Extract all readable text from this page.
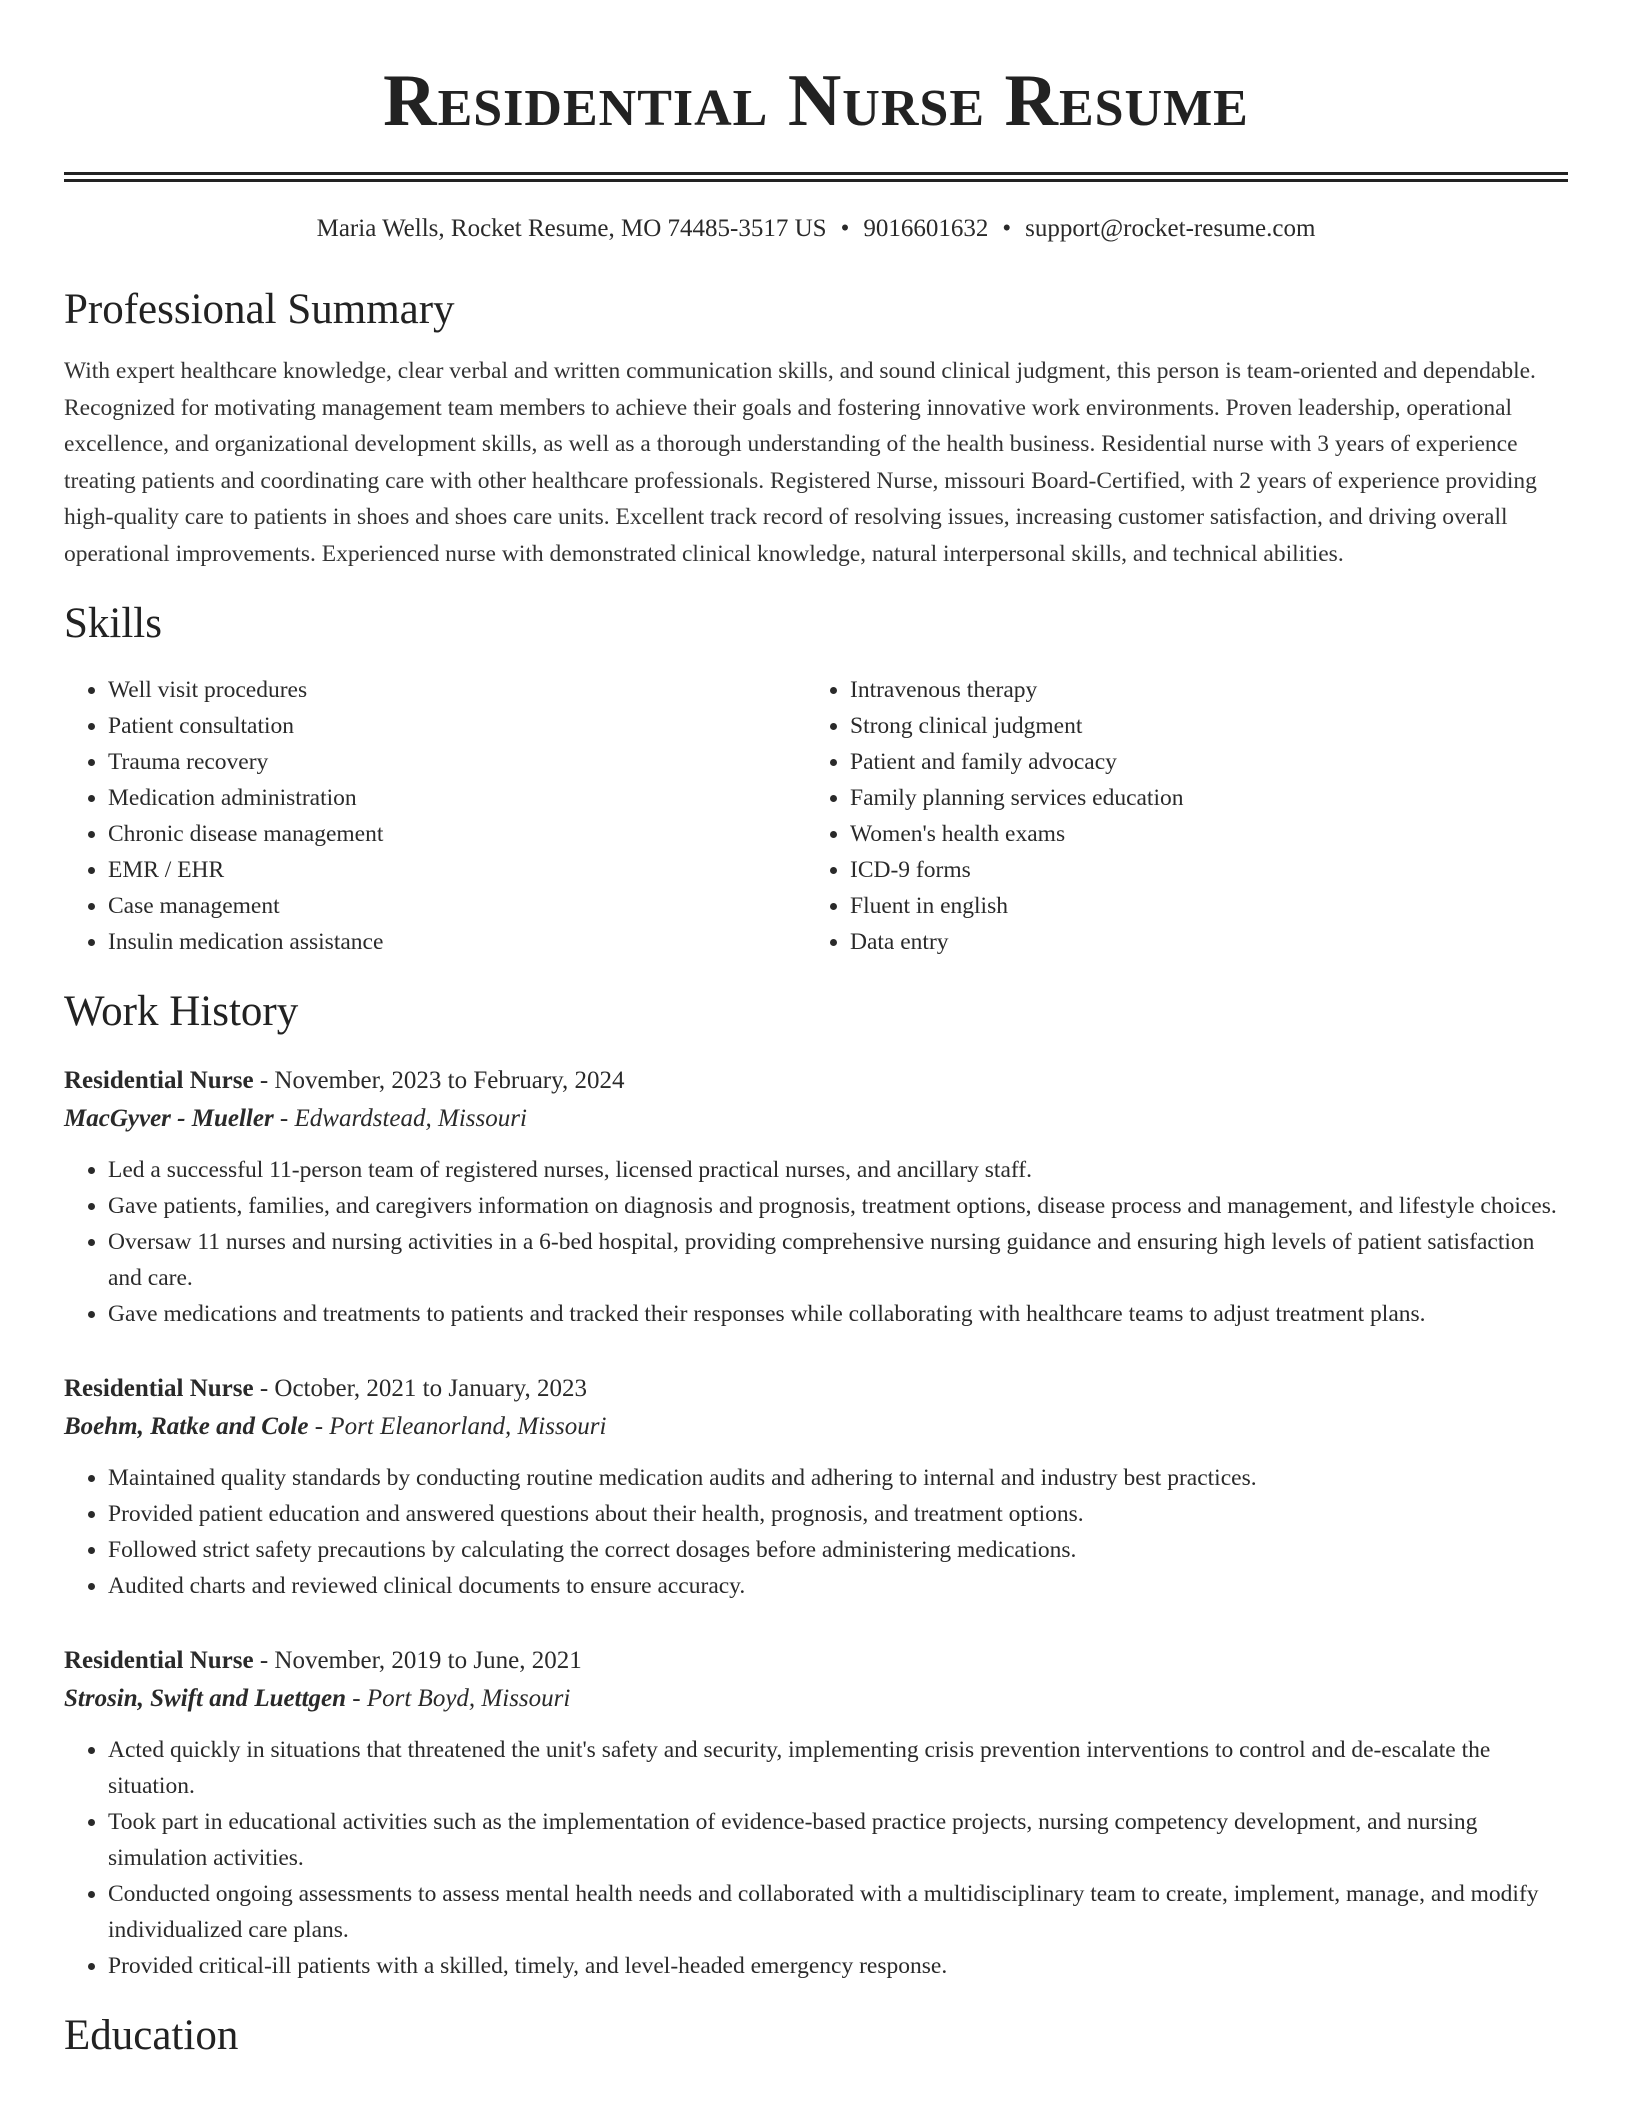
Residential Nurse Resume
Maria Wells, Rocket Resume, MO 74485-3517 US • 9016601632 • support@rocket-resume.com
Professional Summary
With expert healthcare knowledge, clear verbal and written communication skills, and sound clinical judgment, this person is team-oriented and dependable. Recognized for motivating management team members to achieve their goals and fostering innovative work environments. Proven leadership, operational excellence, and organizational development skills, as well as a thorough understanding of the health business. Residential nurse with 3 years of experience treating patients and coordinating care with other healthcare professionals. Registered Nurse, missouri Board-Certified, with 2 years of experience providing high-quality care to patients in shoes and shoes care units. Excellent track record of resolving issues, increasing customer satisfaction, and driving overall operational improvements. Experienced nurse with demonstrated clinical knowledge, natural interpersonal skills, and technical abilities.
Skills
• Well visit procedures
• Patient consultation
• Trauma recovery
• Medication administration
• Chronic disease management
• EMR / EHR
• Case management
• Insulin medication assistance
• Intravenous therapy
• Strong clinical judgment
• Patient and family advocacy
• Family planning services education
• Women's health exams
• ICD-9 forms
• Fluent in english
• Data entry
Work History
Residential Nurse - November, 2023 to February, 2024
MacGyver - Mueller - Edwardstead, Missouri
• Led a successful 11-person team of registered nurses, licensed practical nurses, and ancillary staff.
• Gave patients, families, and caregivers information on diagnosis and prognosis, treatment options, disease process and management, and lifestyle choices.
• Oversaw 11 nurses and nursing activities in a 6-bed hospital, providing comprehensive nursing guidance and ensuring high levels of patient satisfaction and care.
• Gave medications and treatments to patients and tracked their responses while collaborating with healthcare teams to adjust treatment plans.
Residential Nurse - October, 2021 to January, 2023
Boehm, Ratke and Cole - Port Eleanorland, Missouri
• Maintained quality standards by conducting routine medication audits and adhering to internal and industry best practices.
• Provided patient education and answered questions about their health, prognosis, and treatment options.
• Followed strict safety precautions by calculating the correct dosages before administering medications.
• Audited charts and reviewed clinical documents to ensure accuracy.
Residential Nurse - November, 2019 to June, 2021
Strosin, Swift and Luettgen - Port Boyd, Missouri
• Acted quickly in situations that threatened the unit's safety and security, implementing crisis prevention interventions to control and de-escalate the situation.
• Took part in educational activities such as the implementation of evidence-based practice projects, nursing competency development, and nursing simulation activities.
• Conducted ongoing assessments to assess mental health needs and collaborated with a multidisciplinary team to create, implement, manage, and modify individualized care plans.
• Provided critical-ill patients with a skilled, timely, and level-headed emergency response.
Education
